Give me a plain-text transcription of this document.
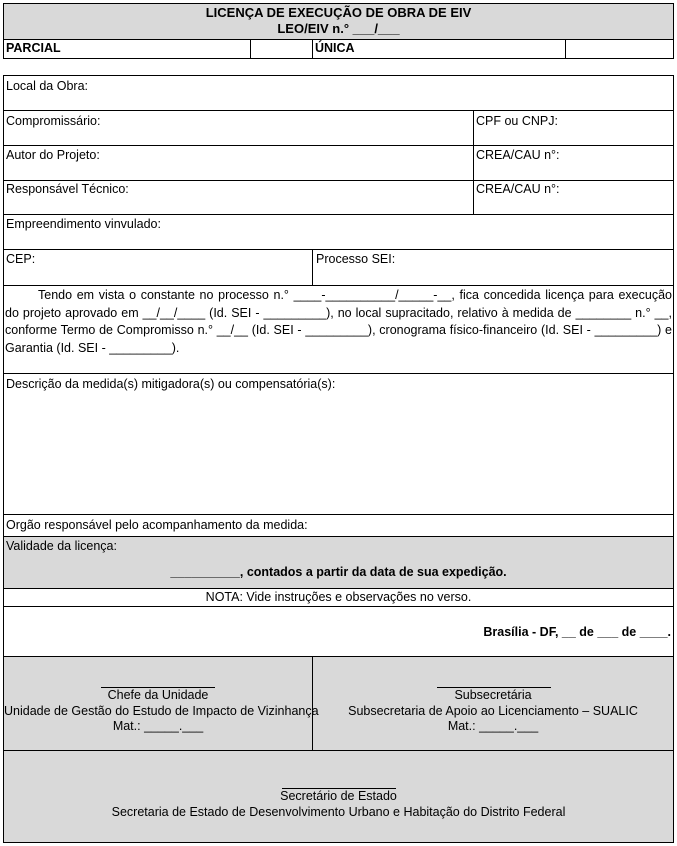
LICENÇA DE EXECUÇÃO DE OBRA DE EIV
LEO/EIV n.° ___/___
PARCIAL	ÚNICA
Local da Obra:
Compromissário:	CPF ou CNPJ:
Autor do Projeto:	CREA/CAU n°:
Responsável Técnico:	CREA/CAU n°:
Empreendimento vinvulado:
CEP:	Processo SEI:
Tendo em vista o constante no processo n.° ____-__________/_____-__, fica concedida licença para execução do projeto aprovado em __/__/____ (Id. SEI - _________), no local supracitado, relativo à medida de ________ n.° __, conforme Termo de Compromisso n.° __/__ (Id. SEI - _________), cronograma físico-financeiro (Id. SEI - _________) e Garantia (Id. SEI - _________).
Descrição da medida(s) mitigadora(s) ou compensatória(s):
Orgão responsável pelo acompanhamento da medida:
Validade da licença:
__________, contados a partir da data de sua expedição.
NOTA: Vide instruções e observações no verso.
Brasília - DF, __ de ___ de ____.
Chefe da Unidade
Unidade de Gestão do Estudo de Impacto de Vizinhança
Mat.: _____.___
Subsecretária
Subsecretaria de Apoio ao Licenciamento – SUALIC
Mat.: _____.___
Secretário de Estado
Secretaria de Estado de Desenvolvimento Urbano e Habitação do Distrito Federal
